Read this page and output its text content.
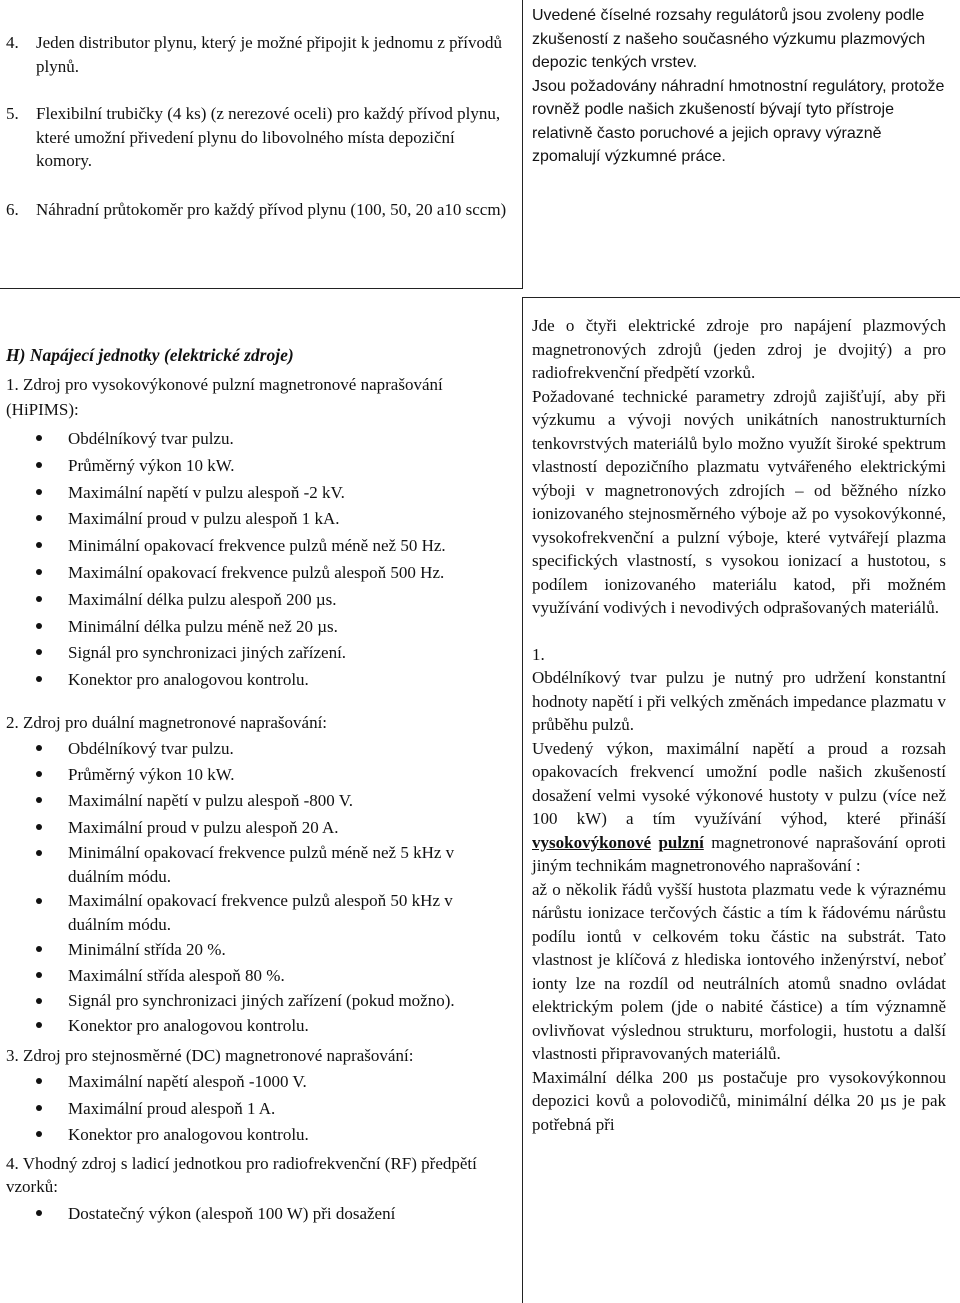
4.	Jeden distributor plynu, který je možné připojit k jednomu z přívodů plynů.
5.	Flexibilní trubičky (4 ks) (z nerezové oceli) pro každý přívod plynu, které umožní přivedení plynu do libovolného místa depoziční komory.
6.	Náhradní průtokoměr pro každý přívod plynu (100, 50, 20 a10 sccm)

Uvedené číselné rozsahy regulátorů jsou zvoleny podle zkušeností z našeho současného výzkumu plazmových depozic tenkých vrstev.

Jsou požadovány náhradní hmotnostní regulátory, protože rovněž podle našich zkušeností bývají tyto přístroje relativně často poruchové a jejich opravy výrazně zpomalují výzkumné práce.

H) Napájecí jednotky (elektrické zdroje)

1. Zdroj pro vysokovýkonové pulzní magnetronové naprašování (HiPIMS):

Obdélníkový tvar pulzu.
Průměrný výkon 10 kW.
Maximální napětí v pulzu alespoň -2 kV.
Maximální proud v pulzu alespoň 1 kA.
Minimální opakovací frekvence pulzů méně než 50 Hz.
Maximální opakovací frekvence pulzů alespoň 500 Hz.
Maximální délka pulzu alespoň 200 µs.
Minimální délka pulzu méně než 20 µs.
Signál pro synchronizaci jiných zařízení.
Konektor pro analogovou kontrolu.

2. Zdroj pro duální magnetronové naprašování:

Obdélníkový tvar pulzu.
Průměrný výkon 10 kW.
Maximální napětí v pulzu alespoň -800 V.
Maximální proud v pulzu alespoň 20 A.
Minimální opakovací frekvence pulzů méně než 5 kHz v duálním módu.
Maximální opakovací frekvence pulzů alespoň 50 kHz v duálním módu.
Minimální střída 20 %.
Maximální střída alespoň 80 %.
Signál pro synchronizaci jiných zařízení (pokud možno).
Konektor pro analogovou kontrolu.

3. Zdroj pro stejnosměrné (DC) magnetronové naprašování:

Maximální napětí alespoň -1000 V.
Maximální proud alespoň 1 A.
Konektor pro analogovou kontrolu.

4. Vhodný zdroj s ladicí jednotkou pro radiofrekvenční (RF) předpětí vzorků:

Dostatečný výkon (alespoň 100 W) při dosažení

Jde o čtyři elektrické zdroje pro napájení plazmových magnetronových zdrojů (jeden zdroj je dvojitý) a pro radiofrekvenční předpětí vzorků.

Požadované technické parametry zdrojů zajišťují, aby při výzkumu a vývoji nových unikátních nanostrukturních tenkovrstvých materiálů bylo možno využít široké spektrum vlastností depozičního plazmatu vytvářeného elektrickými výboji v magnetronových zdrojích – od běžného nízko ionizovaného stejnosměrného výboje až po vysokovýkonné, vysokofrekvenční a pulzní výboje, které vytvářejí plazma specifických vlastností, s vysokou ionizací a hustotou, s podílem ionizovaného materiálu katod, při možném využívání vodivých i nevodivých odprašovaných materiálů.

1.

Obdélníkový tvar pulzu je nutný pro udržení konstantní hodnoty napětí i při velkých změnách impedance plazmatu v průběhu pulzů.

Uvedený výkon, maximální napětí a proud a rozsah opakovacích frekvencí umožní podle našich zkušeností dosažení velmi vysoké výkonové hustoty v pulzu (více než 100 kW) a tím využívání výhod, které přináší vysokovýkonové pulzní magnetronové naprašování oproti jiným technikám magnetronového naprašování :

až o několik řádů vyšší hustota plazmatu vede k výraznému nárůstu ionizace terčových částic a tím k řádovému nárůstu podílu iontů v celkovém toku částic na substrát. Tato vlastnost je klíčová z hlediska iontového inženýrství, neboť ionty lze na rozdíl od neutrálních atomů snadno ovládat elektrickým polem (jde o nabité částice) a tím významně ovlivňovat výslednou strukturu, morfologii, hustotu a další vlastnosti připravovaných materiálů.

Maximální délka 200 µs postačuje pro vysokovýkonnou depozici kovů a polovodičů, minimální délka 20 µs je pak potřebná při
